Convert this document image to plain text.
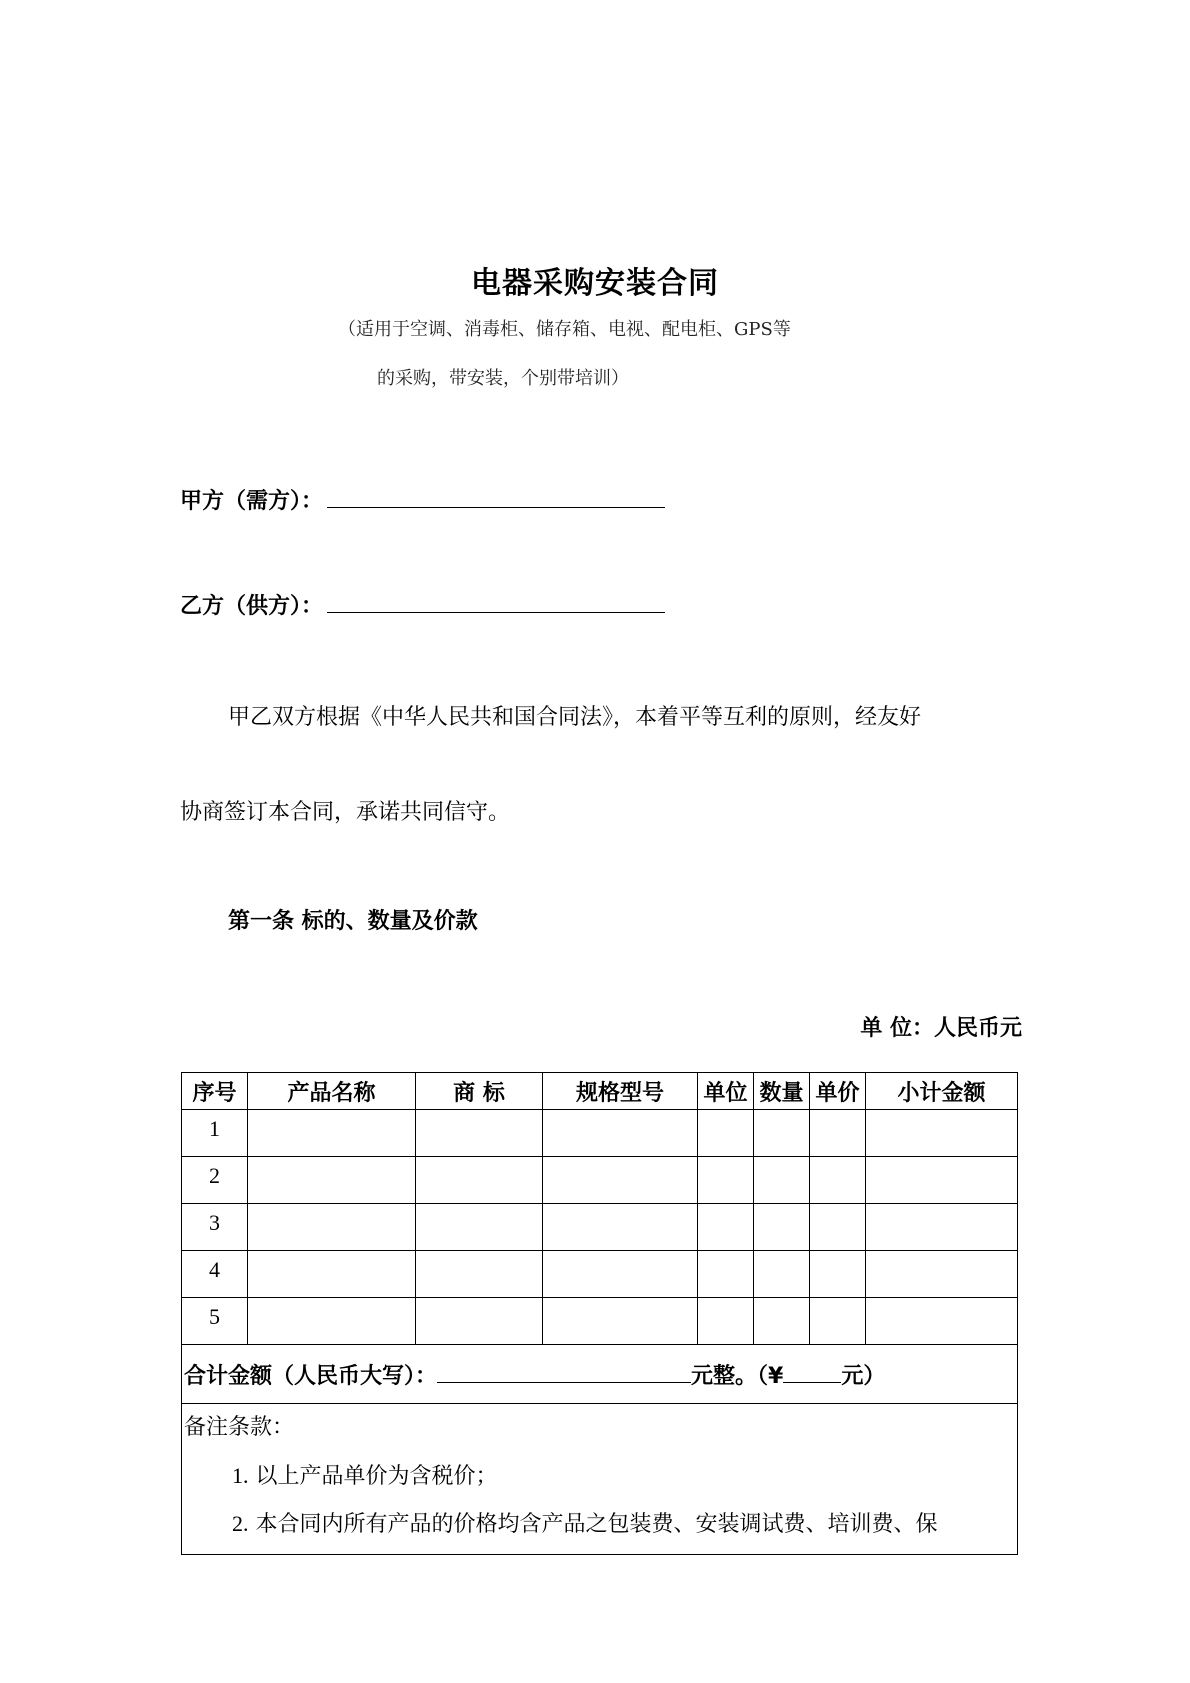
电器采购安装合同
（适用于空调、消毒柜、储存箱、电视、配电柜、GPS等
的采购，带安装，个别带培训）
甲方（需方）：
乙方（供方）：
甲乙双方根据《中华人民共和国合同法》，本着平等互利的原则，经友好
协商签订本合同，承诺共同信守。
第一条 标的、数量及价款
单 位：人民币元
序号	产品名称	商 标	规格型号	单位	数量	单价	小计金额
1							
2							
3							
4							
5							
合计金额（人民币大写）： 元整。（¥ 元）							

备注条款：
1. 以上产品单价为含税价；
2. 本合同内所有产品的价格均含产品之包装费、安装调试费、培训费、保							
